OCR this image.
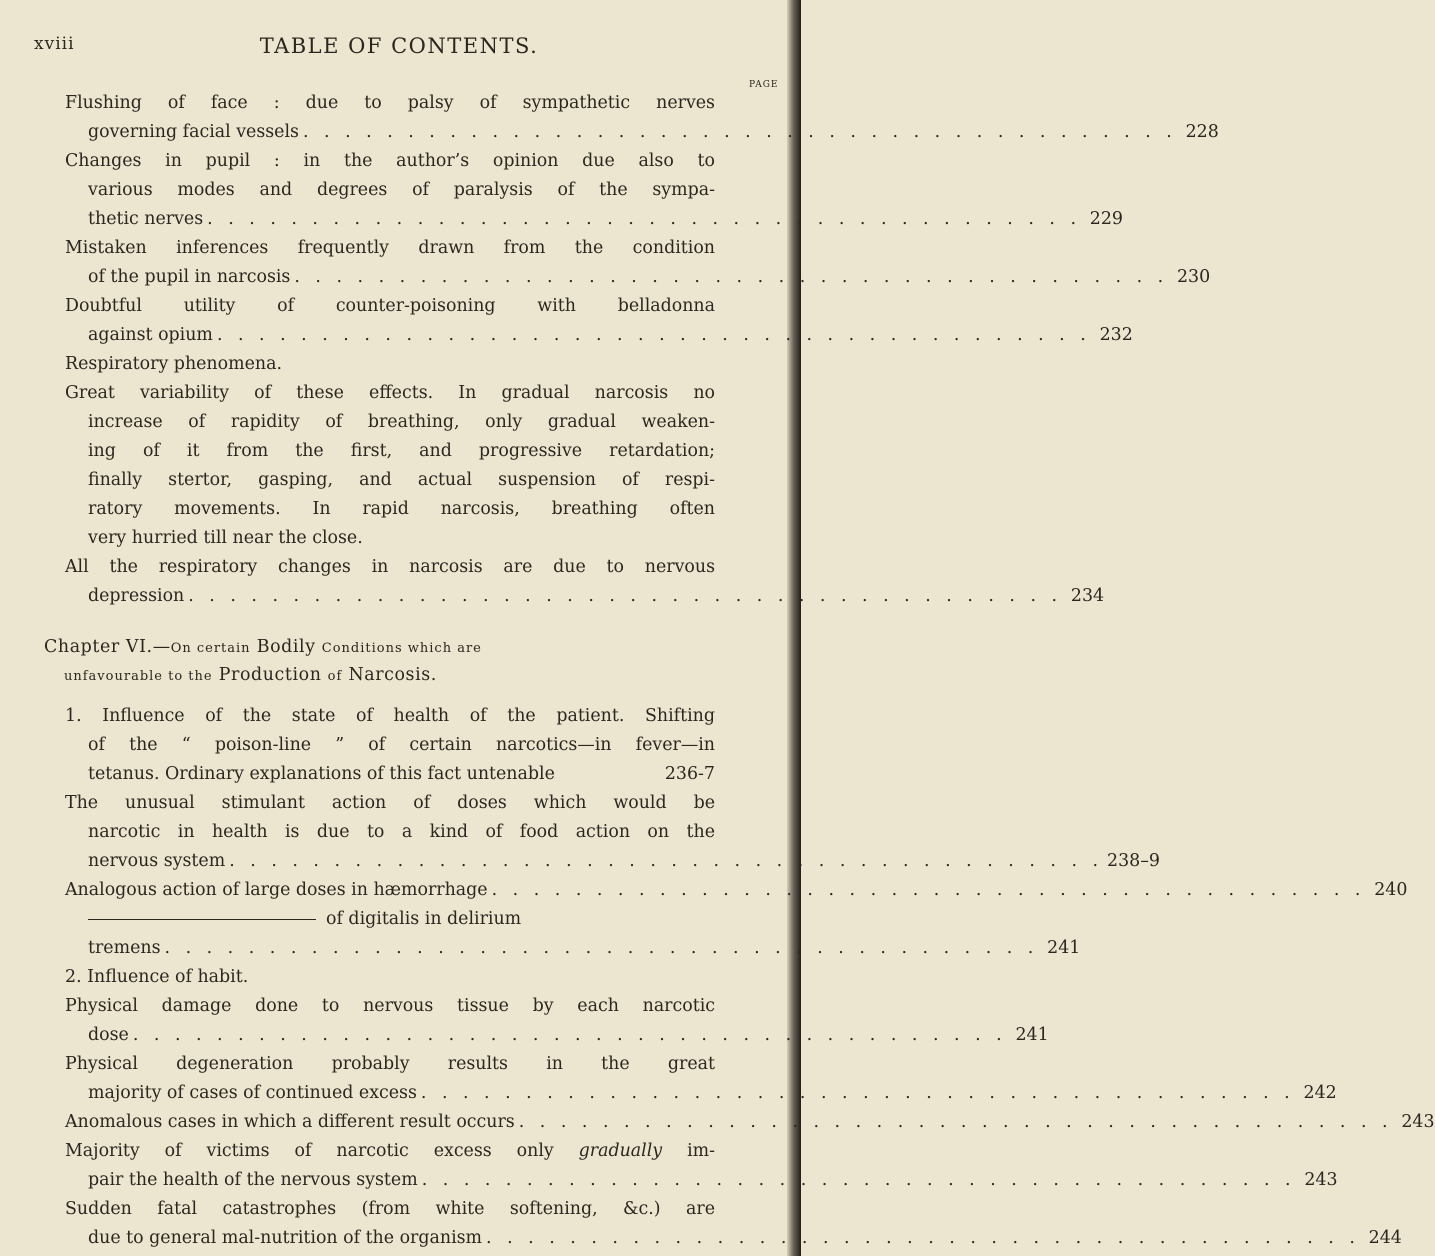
xviii	TABLE OF CONTENTS.
PAGE
Flushing of face : due to palsy of sympathetic nerves
governing facial vessels . . . . . . . . . . . . . . . . . . . . . . . . . . . . . . . . . . . . . . . . . . 228
Changes in pupil : in the author’s opinion due also to
various modes and degrees of paralysis of the sympa-
thetic nerves . . . . . . . . . . . . . . . . . . . . . . . . . . . . . . . . . . . . . . . . . . 229
Mistaken inferences frequently drawn from the condition
of the pupil in narcosis . . . . . . . . . . . . . . . . . . . . . . . . . . . . . . . . . . . . . . . . . . 230
Doubtful utility of counter-poisoning with belladonna
against opium . . . . . . . . . . . . . . . . . . . . . . . . . . . . . . . . . . . . . . . . . . 232
Respiratory phenomena.
Great variability of these effects. In gradual narcosis no
increase of rapidity of breathing, only gradual weaken-
ing of it from the first, and progressive retardation;
finally stertor, gasping, and actual suspension of respi-
ratory movements. In rapid narcosis, breathing often
very hurried till near the close.
All the respiratory changes in narcosis are due to nervous
depression . . . . . . . . . . . . . . . . . . . . . . . . . . . . . . . . . . . . . . . . . . 234
Chapter VI.—On certain Bodily Conditions which are
unfavourable to the Production of Narcosis.
1. Influence of the state of health of the patient. Shifting
of the “ poison-line ” of certain narcotics—in fever—in
tetanus. Ordinary explanations of this fact untenable	236-7
The unusual stimulant action of doses which would be
narcotic in health is due to a kind of food action on the
nervous system . . . . . . . . . . . . . . . . . . . . . . . . . . . . . . . . . . . . . . . . . . 238–9
Analogous action of large doses in hæmorrhage . . . . . . . . . . . . . . . . . . . . . . . . . . . . . . . . . . . . . . . . . . 240
of digitalis in delirium
tremens . . . . . . . . . . . . . . . . . . . . . . . . . . . . . . . . . . . . . . . . . . 241
2. Influence of habit.
Physical damage done to nervous tissue by each narcotic
dose . . . . . . . . . . . . . . . . . . . . . . . . . . . . . . . . . . . . . . . . . . 241
Physical degeneration probably results in the great
majority of cases of continued excess . . . . . . . . . . . . . . . . . . . . . . . . . . . . . . . . . . . . . . . . . . 242
Anomalous cases in which a different result occurs . . . . . . . . . . . . . . . . . . . . . . . . . . . . . . . . . . . . . . . . . . 243
Majority of victims of narcotic excess only gradually im-
pair the health of the nervous system . . . . . . . . . . . . . . . . . . . . . . . . . . . . . . . . . . . . . . . . . . 243
Sudden fatal catastrophes (from white softening, &c.) are
due to general mal-nutrition of the organism . . . . . . . . . . . . . . . . . . . . . . . . . . . . . . . . . . . . . . . . . . 244
